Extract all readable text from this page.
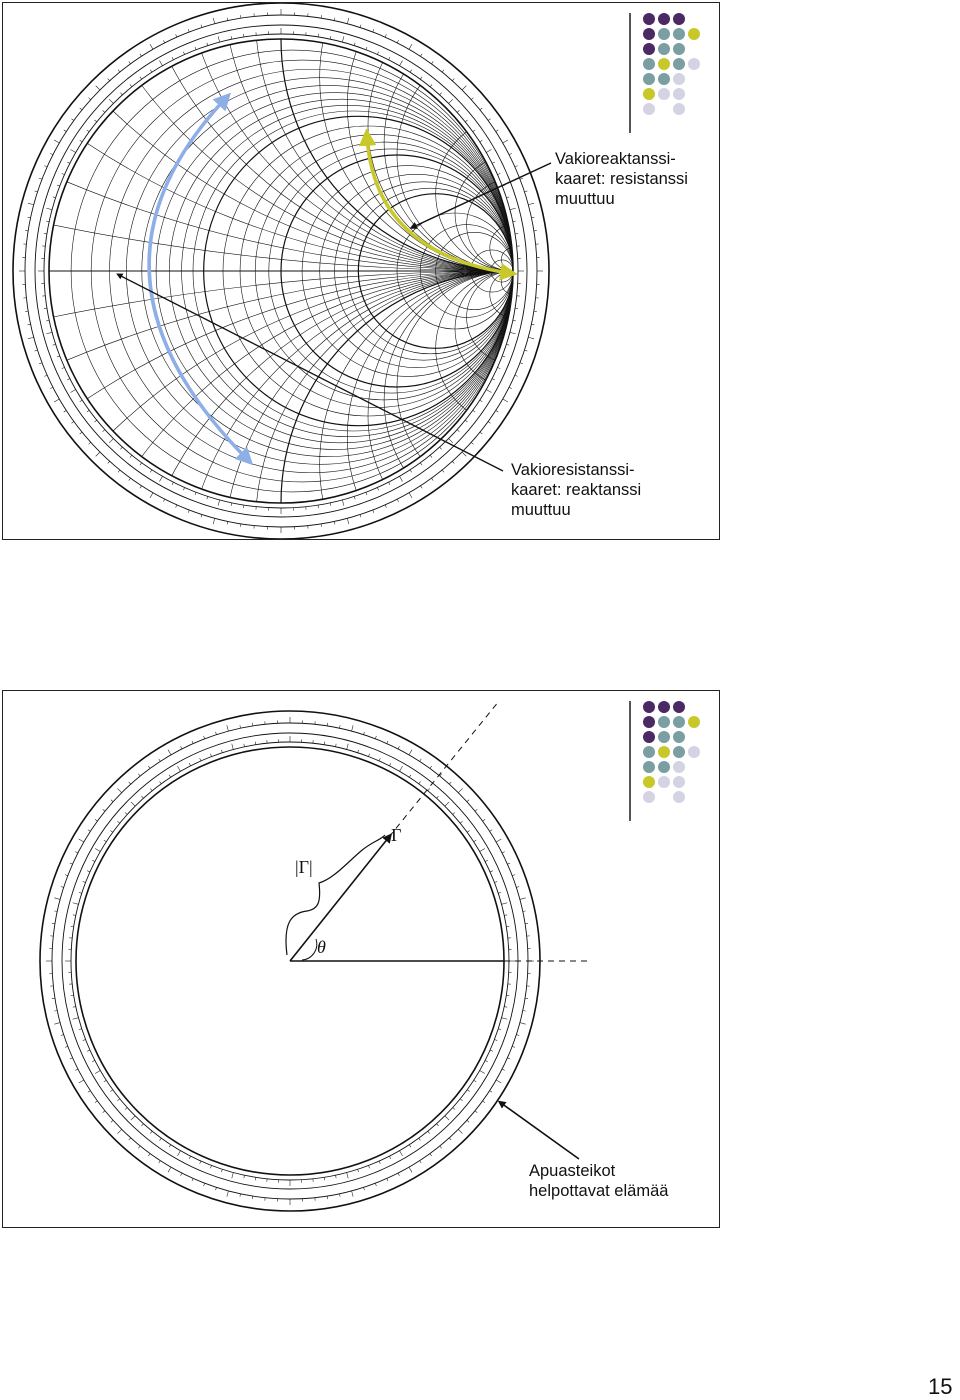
Vakioreaktanssi-
kaaret: resistanssi
muuttuu
Vakioresistanssi-
kaaret: reaktanssi
muuttuu
|Γ|
Γ
θ
Apuasteikot
helpottavat elämää
15
